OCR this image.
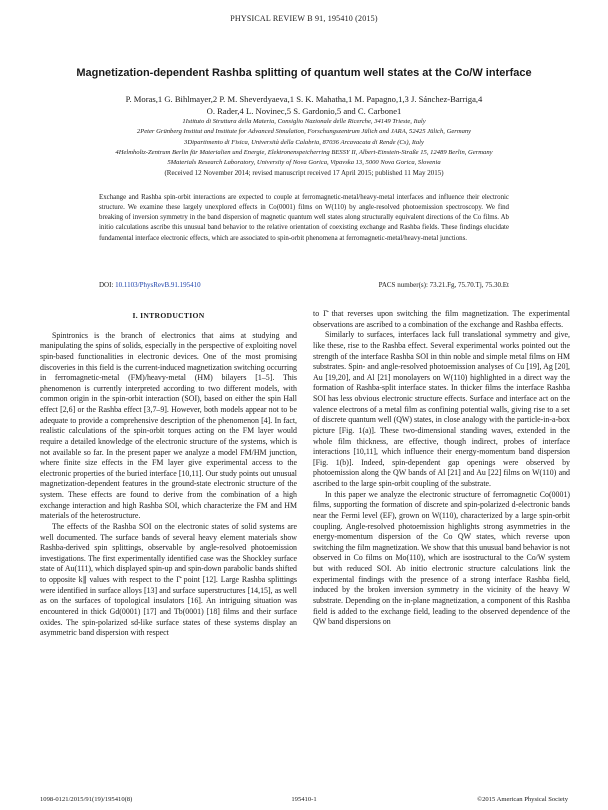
PHYSICAL REVIEW B 91, 195410 (2015)
Magnetization-dependent Rashba splitting of quantum well states at the Co/W interface
P. Moras,1 G. Bihlmayer,2 P. M. Sheverdyaeva,1 S. K. Mahatha,1 M. Papagno,1,3 J. Sánchez-Barriga,4
O. Rader,4 L. Novinec,5 S. Gardonio,5 and C. Carbone1
1Istituto di Struttura della Materia, Consiglio Nazionale delle Ricerche, 34149 Trieste, Italy
2Peter Grünberg Institut and Institute for Advanced Simulation, Forschungszentrum Jülich and JARA, 52425 Jülich, Germany
3Dipartimento di Fisica, Università della Calabria, 87036 Arcavacata di Rende (Cs), Italy
4Helmholtz-Zentrum Berlin für Materialien und Energie, Elektronenspeicherring BESSY II, Albert-Einstein-Straße 15, 12489 Berlin, Germany
5Materials Research Laboratory, University of Nova Gorica, Vipavska 13, 5000 Nova Gorica, Slovenia
(Received 12 November 2014; revised manuscript received 17 April 2015; published 11 May 2015)
Exchange and Rashba spin-orbit interactions are expected to couple at ferromagnetic-metal/heavy-metal interfaces and influence their electronic structure. We examine these largely unexplored effects in Co(0001) films on W(110) by angle-resolved photoemission spectroscopy. We find breaking of inversion symmetry in the band dispersion of magnetic quantum well states along structurally equivalent directions of the Co films. Ab initio calculations ascribe this unusual band behavior to the relative orientation of coexisting exchange and Rashba fields. These findings elucidate fundamental interface electronic effects, which are associated to spin-orbit phenomena at ferromagnetic-metal/heavy-metal junctions.
DOI: 10.1103/PhysRevB.91.195410	PACS number(s): 73.21.Fg, 75.70.Tj, 75.30.Et
I. INTRODUCTION

Spintronics is the branch of electronics that aims at studying and manipulating the spins of solids, especially in the perspective of exploiting novel spin-based functionalities in electronic devices. One of the most promising discoveries in this field is the current-induced magnetization switching occurring in ferromagnetic-metal (FM)/heavy-metal (HM) bilayers [1–5]. This phenomenon is currently interpreted according to two different models, with common origin in the spin-orbit interaction (SOI), based on either the spin Hall effect [2,6] or the Rashba effect [3,7–9]. However, both models appear not to be adequate to provide a comprehensive description of the phenomenon [4]. In fact, realistic calculations of the spin-orbit torques acting on the FM layer would require a detailed knowledge of the electronic structure of the systems, which is not available so far. In the present paper we analyze a model FM/HM junction, where finite size effects in the FM layer give experimental access to the electronic properties of the buried interface [10,11]. Our study points out unusual magnetization-dependent features in the ground-state electronic structure of the system. These effects are found to derive from the combination of a high exchange interaction and high Rashba SOI, which characterize the FM and HM materials of the heterostructure.

The effects of the Rashba SOI on the electronic states of solid systems are well documented. The surface bands of several heavy element materials show Rashba-derived spin splittings, observable by angle-resolved photoemission investigations. The first experimentally identified case was the Shockley surface state of Au(111), which displayed spin-up and spin-down parabolic bands shifted to opposite k∥ values with respect to the Γ̄ point [12]. Large Rashba splittings were identified in surface alloys [13] and surface superstructures [14,15], as well as on the surfaces of topological insulators [16]. An intriguing situation was encountered in thick Gd(0001) [17] and Tb(0001) [18] films and their surface oxides. The spin-polarized sd-like surface states of these systems display an asymmetric band dispersion with respect

to Γ̄ that reverses upon switching the film magnetization. The experimental observations are ascribed to a combination of the exchange and Rashba effects.

Similarly to surfaces, interfaces lack full translational symmetry and give, like these, rise to the Rashba effect. Several experimental works pointed out the strength of the interface Rashba SOI in thin noble and simple metal films on HM substrates. Spin- and angle-resolved photoemission analyses of Cu [19], Ag [20], Au [19,20], and Al [21] monolayers on W(110) highlighted in a direct way the formation of Rashba-split interface states. In thicker films the interface Rashba SOI has less obvious electronic structure effects. Surface and interface act on the valence electrons of a metal film as confining potential walls, giving rise to a set of discrete quantum well (QW) states, in close analogy with the particle-in-a-box picture [Fig. 1(a)]. These two-dimensional standing waves, extended in the whole film thickness, are effective, though indirect, probes of interface interactions [10,11], which influence their energy-momentum band dispersion [Fig. 1(b)]. Indeed, spin-dependent gap openings were observed by photoemission along the QW bands of Al [21] and Au [22] films on W(110) and ascribed to the large spin-orbit coupling of the substrate.

In this paper we analyze the electronic structure of ferromagnetic Co(0001) films, supporting the formation of discrete and spin-polarized d-electronic bands near the Fermi level (EF), grown on W(110), characterized by a large spin-orbit coupling. Angle-resolved photoemission highlights strong asymmetries in the energy-momentum dispersion of the Co QW states, which reverse upon switching the film magnetization. We show that this unusual band behavior is not observed in Co films on Mo(110), which are isostructural to the Co/W system but with reduced SOI. Ab initio electronic structure calculations link the experimental findings with the presence of a strong interface Rashba field, induced by the broken inversion symmetry in the vicinity of the heavy W substrate. Depending on the in-plane magnetization, a component of this Rashba field is added to the exchange field, leading to the observed dependence of the QW band dispersions on

1098-0121/2015/91(19)/195410(8)	195410-1	©2015 American Physical Society
